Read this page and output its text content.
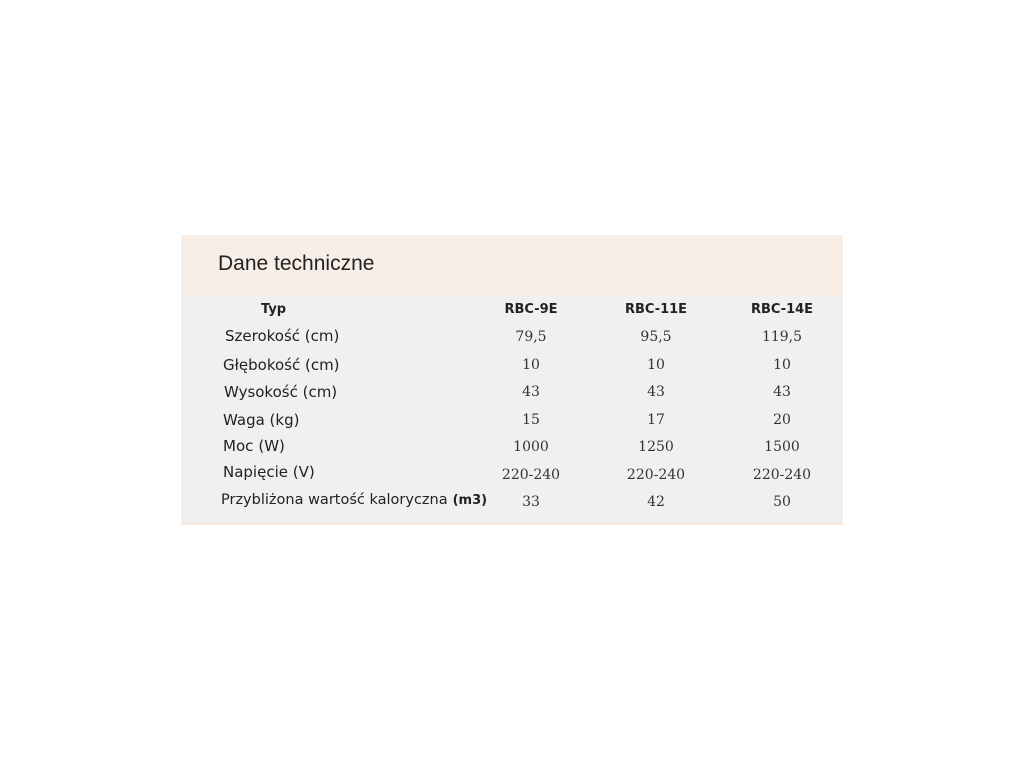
Dane techniczne
Typ	RBC-9E	RBC-11E	RBC-14E
Szerokość (cm)	79,5	95,5	119,5
Głębokość (cm)	10	10	10
Wysokość (cm)	43	43	43
Waga (kg)	15	17	20
Moc (W)	1000	1250	1500
Napięcie (V)	220-240	220-240	220-240
Przybliżona wartość kaloryczna (m3)	33	42	50
